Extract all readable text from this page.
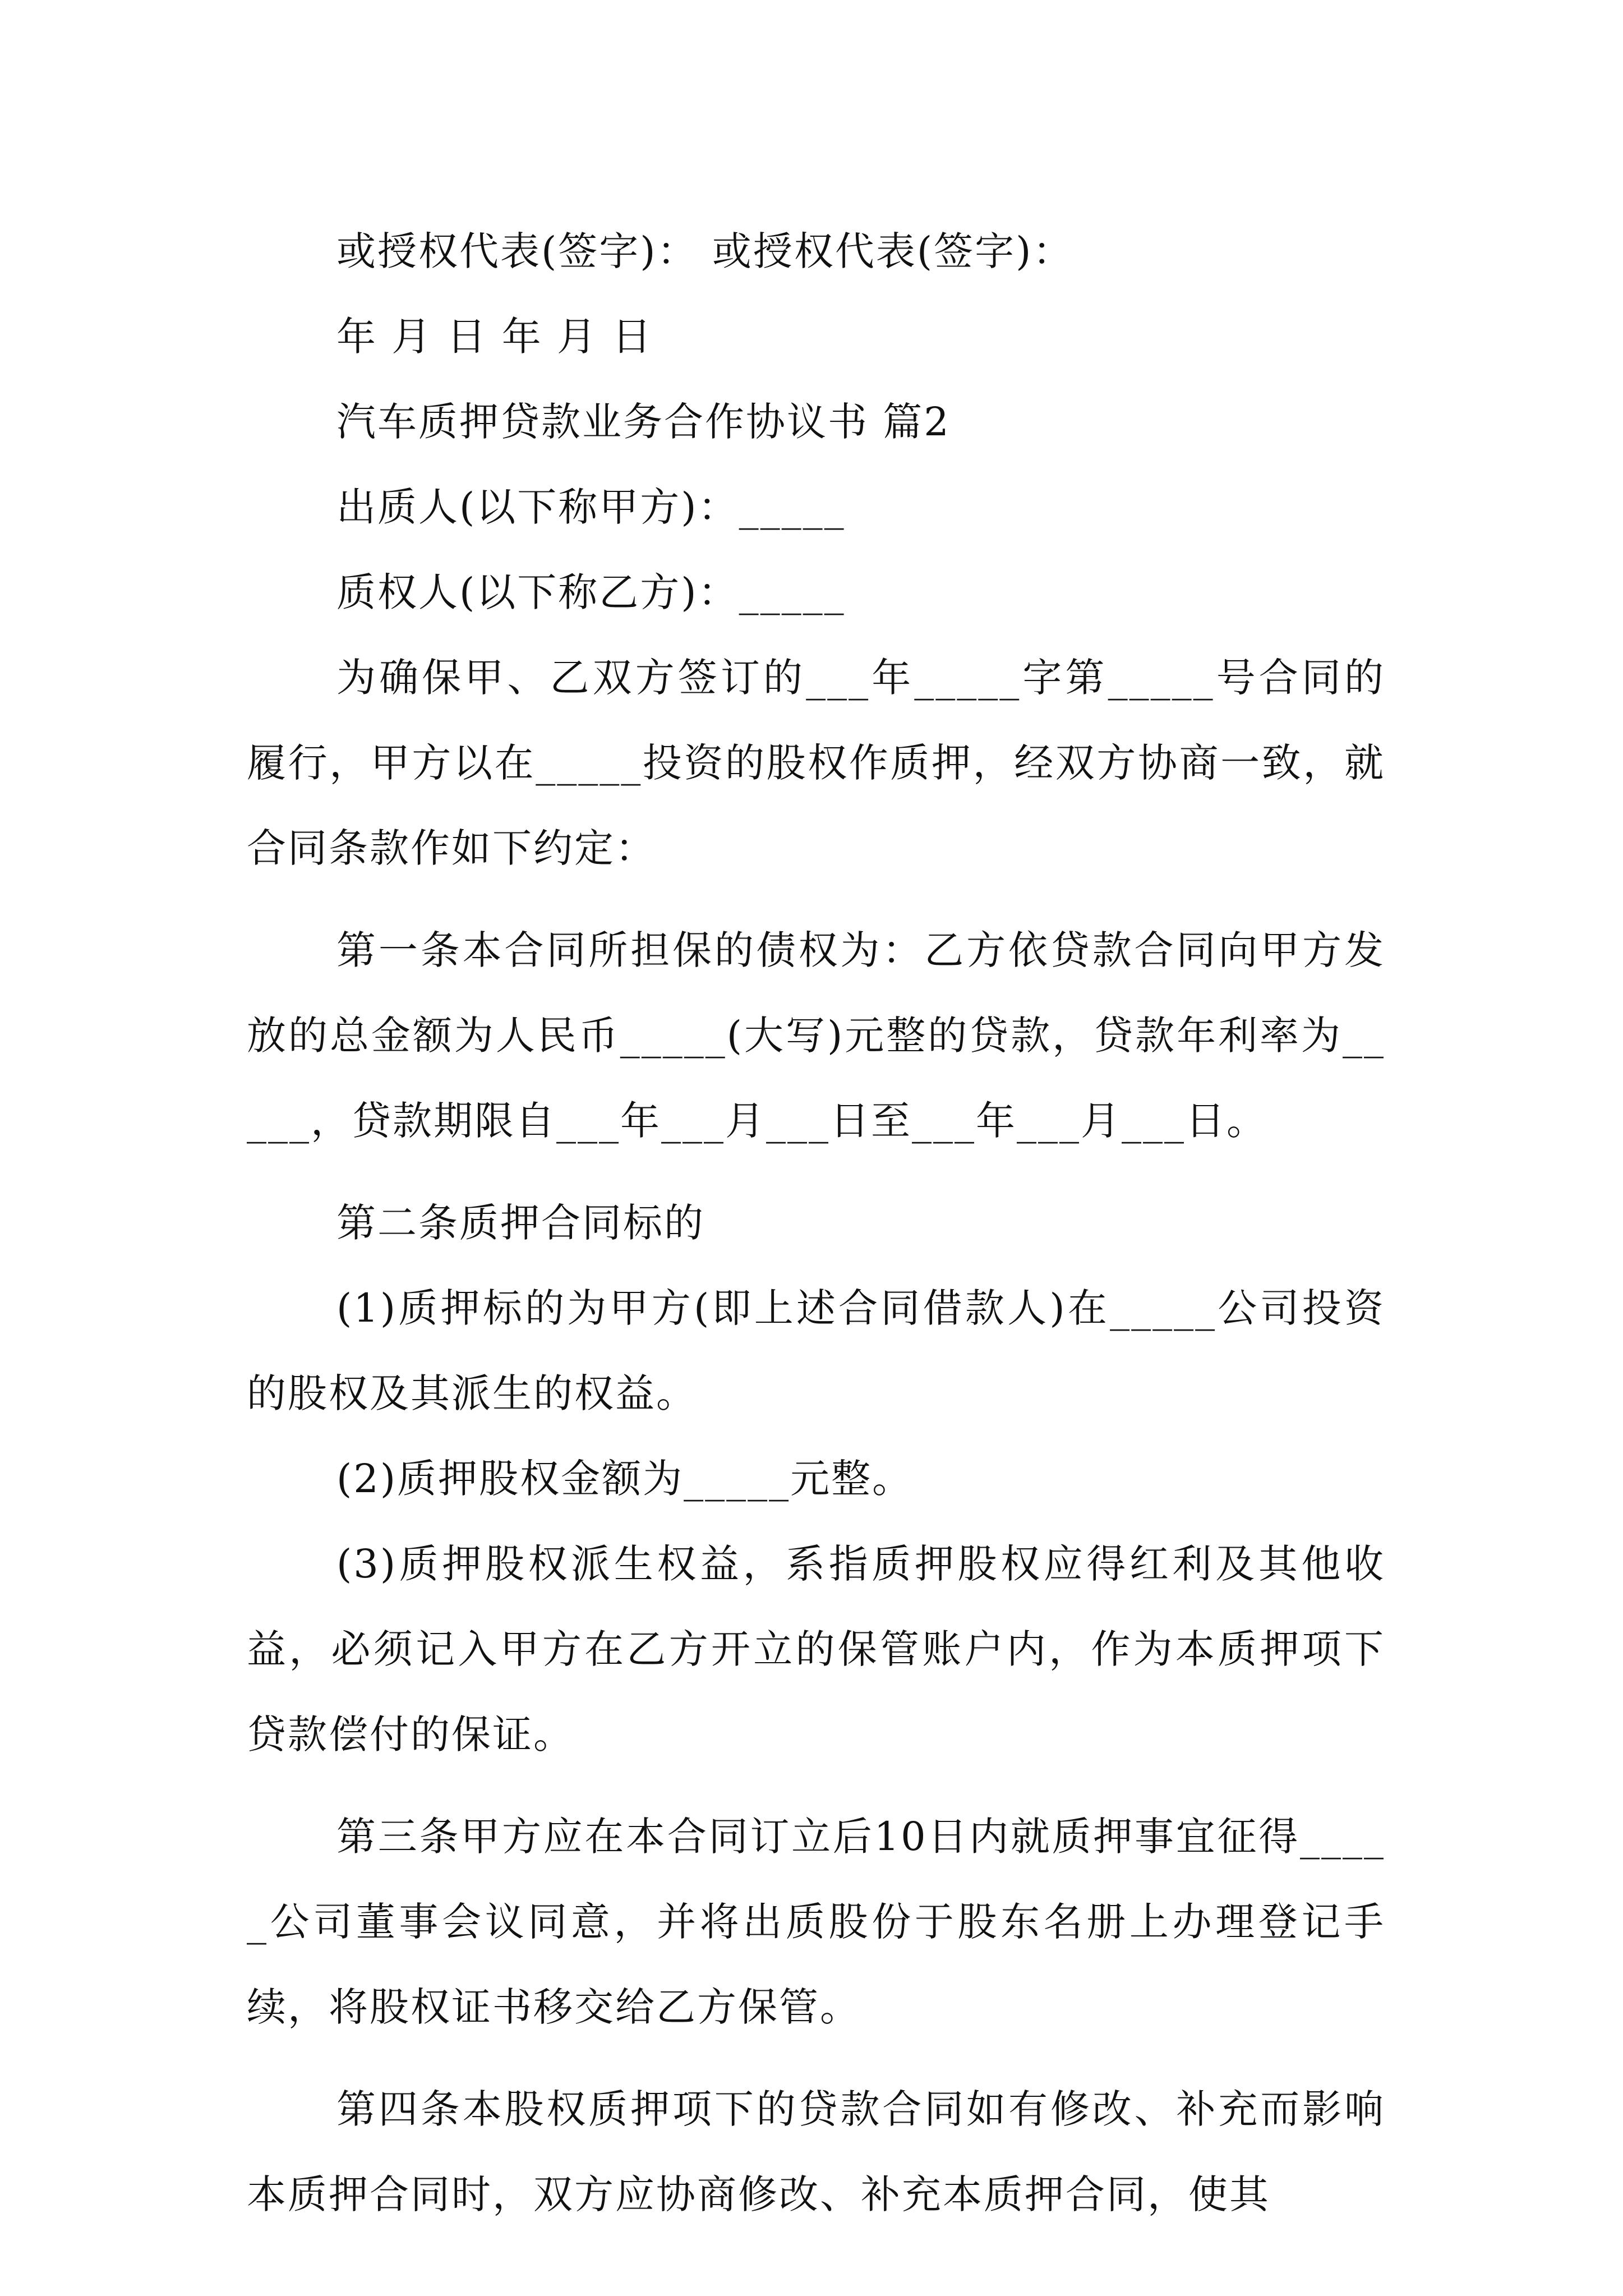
或授权代表(签字)： 或授权代表(签字)：

年 月 日 年 月 日

汽车质押贷款业务合作协议书 篇2

出质人(以下称甲方)：_____

质权人(以下称乙方)：_____

为确保甲、乙双方签订的___年_____字第_____号合同的履行，甲方以在_____投资的股权作质押，经双方协商一致，就合同条款作如下约定：

第一条本合同所担保的债权为：乙方依贷款合同向甲方发放的总金额为人民币_____(大写)元整的贷款，贷款年利率为_____，贷款期限自___年___月___日至___年___月___日。

第二条质押合同标的

(1)质押标的为甲方(即上述合同借款人)在_____公司投资的股权及其派生的权益。

(2)质押股权金额为_____元整。

(3)质押股权派生权益，系指质押股权应得红利及其他收益，必须记入甲方在乙方开立的保管账户内，作为本质押项下贷款偿付的保证。

第三条甲方应在本合同订立后10日内就质押事宜征得_____公司董事会议同意，并将出质股份于股东名册上办理登记手续，将股权证书移交给乙方保管。

第四条本股权质押项下的贷款合同如有修改、补充而影响本质押合同时，双方应协商修改、补充本质押合同，使其
